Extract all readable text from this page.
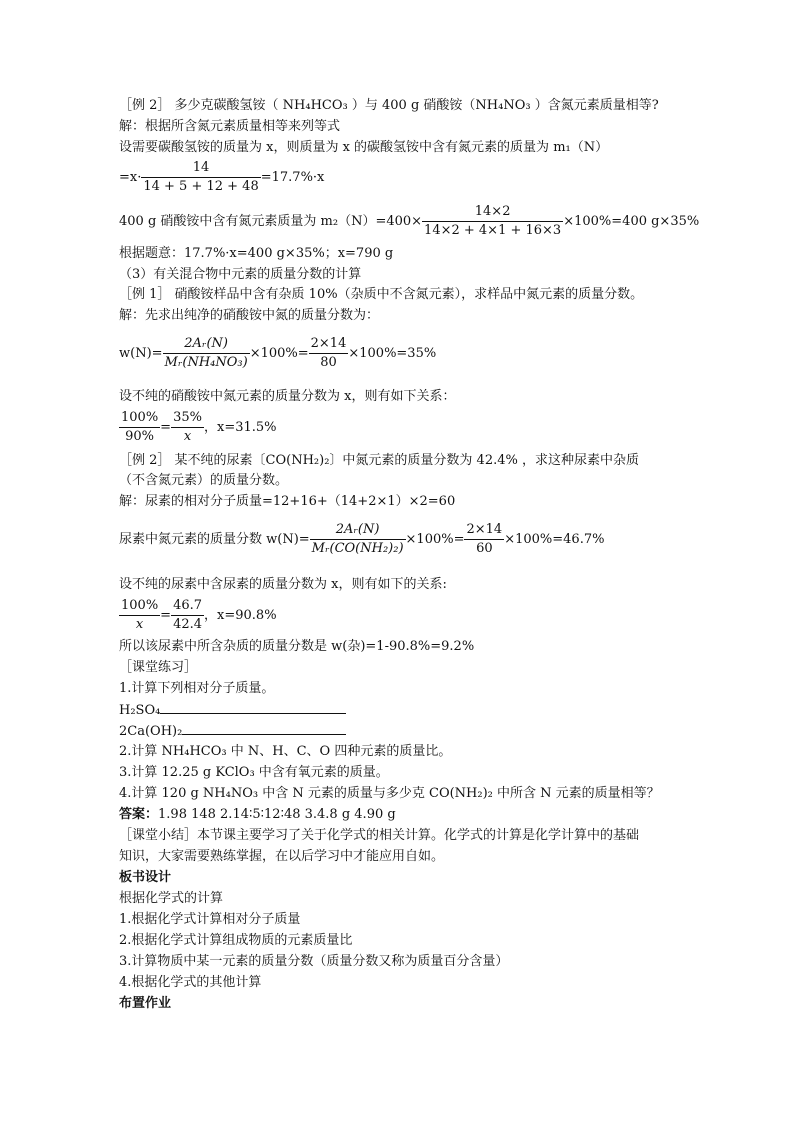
［例 2］ 多少克碳酸氢铵（ NH₄HCO₃ ）与 400 g 硝酸铵（NH₄NO₃ ）含氮元素质量相等?
解：根据所含氮元素质量相等来列等式
设需要碳酸氢铵的质量为 x，则质量为 x 的碳酸氢铵中含有氮元素的质量为 m₁（N）
$=x\cdot \frac{14}{14 + 5 + 12 + 48} =17.7\%\cdot x$
400 g 硝酸铵中含有氮元素质量为 $m_2(N)=400\times \frac{14\times 2}{14\times 2 + 4\times 1 + 16\times 3} \times 100\%=400$ g×35%
根据题意：17.7%·x=400 g×35%；x=790 g
（3）有关混合物中元素的质量分数的计算
［例 1］ 硝酸铵样品中含有杂质 10%（杂质中不含氮元素），求样品中氮元素的质量分数。
解：先求出纯净的硝酸铵中氮的质量分数为：
$w(N)= \frac{\text{2Aᵣ(N)}}{\text{Mᵣ(NH₄NO₃)}} \times 100\%= \frac{2\times 14}{80} \times 100\%=35\%$
设不纯的硝酸铵中氮元素的质量分数为 x，则有如下关系：
$\frac{100\%}{90\%} = \frac{35\%}{x}$ ，x=31.5%
［例 2］ 某不纯的尿素〔CO(NH₂)₂〕中氮元素的质量分数为 42.4% ，求这种尿素中杂质
（不含氮元素）的质量分数。
解：尿素的相对分子质量=12+16+（14+2×1）×2=60
尿素中氮元素的质量分数 $w(N)= \frac{\text{2Aᵣ(N)}}{\text{Mᵣ(CO(NH₂)₂)}} \times 100\%= \frac{2\times 14}{60} \times 100\%=46.7\%$
设不纯的尿素中含尿素的质量分数为 x，则有如下的关系:
$\frac{100\%}{x} = \frac{46.7}{42.4}$ ，x=90.8%
所以该尿素中所含杂质的质量分数是 w(杂)=1-90.8%=9.2%
［课堂练习］
1.计算下列相对分子质量。
H₂SO₄
2Ca(OH)₂
2.计算 NH₄HCO₃ 中 N、H、C、O 四种元素的质量比。
3.计算 12.25 g KClO₃ 中含有氧元素的质量。
4.计算 120 g NH₄NO₃ 中含 N 元素的质量与多少克 CO(NH₂)₂ 中所含 N 元素的质量相等？
答案：1.98 148 2.14∶5∶12∶48 3.4.8 g 4.90 g
［课堂小结］本节课主要学习了关于化学式的相关计算。化学式的计算是化学计算中的基础
知识，大家需要熟练掌握，在以后学习中才能应用自如。
板书设计
根据化学式的计算
1.根据化学式计算相对分子质量
2.根据化学式计算组成物质的元素质量比
3.计算物质中某一元素的质量分数（质量分数又称为质量百分含量）
4.根据化学式的其他计算
布置作业
